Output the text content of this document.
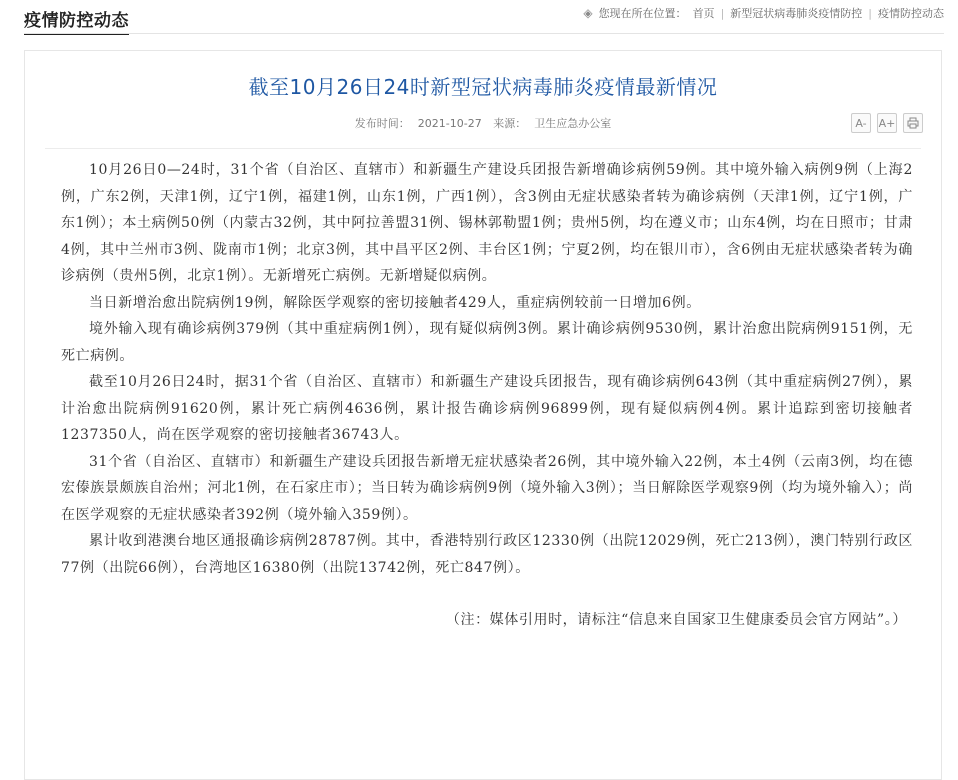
疫情防控动态	◈ 您现在所在位置： 首页 | 新型冠状病毒肺炎疫情防控 | 疫情防控动态
截至10月26日24时新型冠状病毒肺炎疫情最新情况
发布时间： 2021-10-27 来源： 卫生应急办公室	A- A+

10月26日0—24时，31个省（自治区、直辖市）和新疆生产建设兵团报告新增确诊病例59例。其中境外输入病例9例（上海2例，广东2例，天津1例，辽宁1例，福建1例，山东1例，广西1例），含3例由无症状感染者转为确诊病例（天津1例，辽宁1例，广东1例）；本土病例50例（内蒙古32例，其中阿拉善盟31例、锡林郭勒盟1例；贵州5例，均在遵义市；山东4例，均在日照市；甘肃4例，其中兰州市3例、陇南市1例；北京3例，其中昌平区2例、丰台区1例；宁夏2例，均在银川市），含6例由无症状感染者转为确诊病例（贵州5例，北京1例）。无新增死亡病例。无新增疑似病例。

当日新增治愈出院病例19例，解除医学观察的密切接触者429人，重症病例较前一日增加6例。

境外输入现有确诊病例379例（其中重症病例1例），现有疑似病例3例。累计确诊病例9530例，累计治愈出院病例9151例，无死亡病例。

截至10月26日24时，据31个省（自治区、直辖市）和新疆生产建设兵团报告，现有确诊病例643例（其中重症病例27例），累计治愈出院病例91620例，累计死亡病例4636例，累计报告确诊病例96899例，现有疑似病例4例。累计追踪到密切接触者1237350人，尚在医学观察的密切接触者36743人。

31个省（自治区、直辖市）和新疆生产建设兵团报告新增无症状感染者26例，其中境外输入22例，本土4例（云南3例，均在德宏傣族景颇族自治州；河北1例，在石家庄市）；当日转为确诊病例9例（境外输入3例）；当日解除医学观察9例（均为境外输入）；尚在医学观察的无症状感染者392例（境外输入359例）。

累计收到港澳台地区通报确诊病例28787例。其中，香港特别行政区12330例（出院12029例，死亡213例），澳门特别行政区77例（出院66例），台湾地区16380例（出院13742例，死亡847例）。

（注：媒体引用时，请标注“信息来自国家卫生健康委员会官方网站”。）
